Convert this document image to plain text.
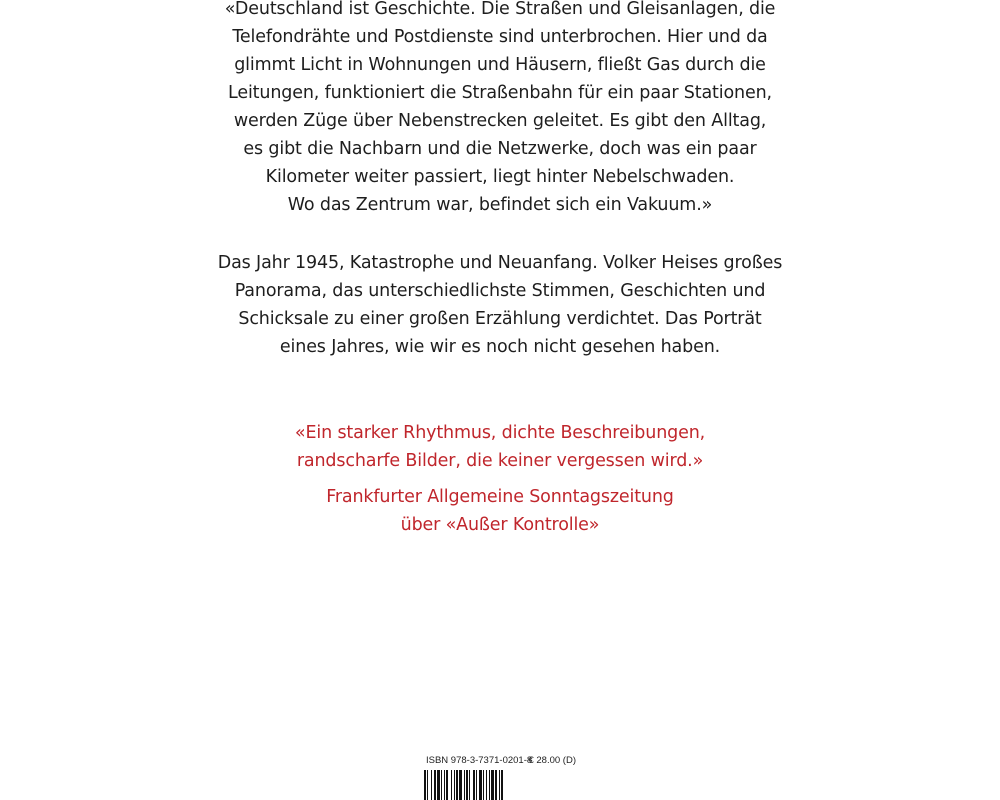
«Deutschland ist Geschichte. Die Straßen und Gleisanlagen, die
Telefondrähte und Postdienste sind unterbrochen. Hier und da
glimmt Licht in Wohnungen und Häusern, fließt Gas durch die
Leitungen, funktioniert die Straßenbahn für ein paar Stationen,
werden Züge über Nebenstrecken geleitet. Es gibt den Alltag,
es gibt die Nachbarn und die Netzwerke, doch was ein paar
Kilometer weiter passiert, liegt hinter Nebelschwaden.
Wo das Zentrum war, befindet sich ein Vakuum.»
Das Jahr 1945, Katastrophe und Neuanfang. Volker Heises großes
Panorama, das unterschiedlichste Stimmen, Geschichten und
Schicksale zu einer großen Erzählung verdichtet. Das Porträt
eines Jahres, wie wir es noch nicht gesehen haben.
«Ein starker Rhythmus, dichte Beschreibungen,
randscharfe Bilder, die keiner vergessen wird.»
Frankfurter Allgemeine Sonntagszeitung
über «Außer Kontrolle»
ISBN 978-3-7371-0201-8
€ 28.00 (D)
